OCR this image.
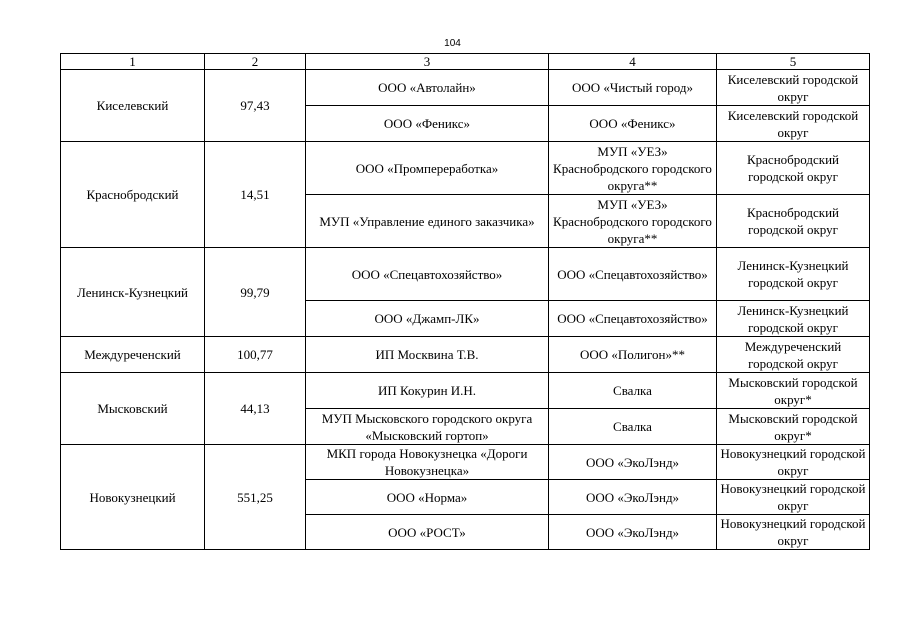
104
1	2	3	4	5
Киселевский	97,43	ООО «Автолайн»	ООО «Чистый город»	Киселевский городской округ
		ООО «Феникс»	ООО «Феникс»	Киселевский городской округ
Краснобродский	14,51	ООО «Промпереработка»	МУП «УЕЗ» Краснобродского городского округа**	Краснобродский городской округ
		МУП «Управление единого заказчика»	МУП «УЕЗ» Краснобродского городского округа**	Краснобродский городской округ
Ленинск-Кузнецкий	99,79	ООО «Спецавтохозяйство»	ООО «Спецавтохозяйство»	Ленинск-Кузнецкий городской округ
		ООО «Джамп-ЛК»	ООО «Спецавтохозяйство»	Ленинск-Кузнецкий городской округ
Междуреченский	100,77	ИП Москвина Т.В.	ООО «Полигон»**	Междуреченский городской округ
Мысковский	44,13	ИП Кокурин И.Н.	Свалка	Мысковский городской округ*
		МУП Мысковского городского округа «Мысковский гортоп»	Свалка	Мысковский городской округ*
Новокузнецкий	551,25	МКП города Новокузнецка «Дороги Новокузнецка»	ООО «ЭкоЛэнд»	Новокузнецкий городской округ
		ООО «Норма»	ООО «ЭкоЛэнд»	Новокузнецкий городской округ
		ООО «РОСТ»	ООО «ЭкоЛэнд»	Новокузнецкий городской округ
